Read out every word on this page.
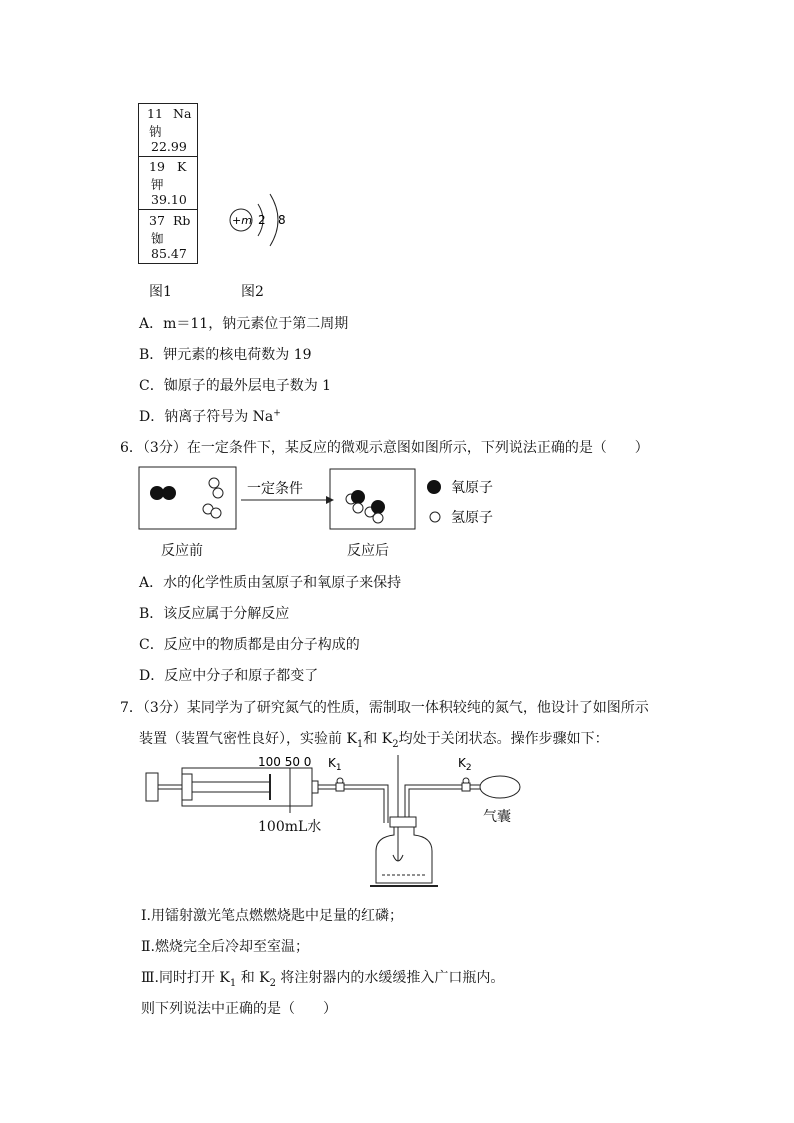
11 Na
钠
22.99
19 K
钾
39.10
37 Rb
铷
85.47
+m 2 8
图1	图2
A．m＝11，钠元素位于第二周期
B．钾元素的核电荷数为 19
C．铷原子的最外层电子数为 1
D．钠离子符号为 Na+
6．（3分）在一定条件下，某反应的微观示意图如图所示，下列说法正确的是（　　）
一定条件	氧原子
氢原子
反应前	反应后
A．水的化学性质由氢原子和氧原子来保持
B．该反应属于分解反应
C．反应中的物质都是由分子构成的
D．反应中分子和原子都变了
7．（3分）某同学为了研究氮气的性质，需制取一体积较纯的氮气，他设计了如图所示
装置（装置气密性良好），实验前 $K_1$和 $K_2$均处于关闭状态。操作步骤如下：
100 50 0 $K_1$	$K_2$
100mL水
气囊
Ⅰ.用镭射激光笔点燃燃烧匙中足量的红磷；
Ⅱ.燃烧完全后冷却至室温；
Ⅲ.同时打开 $K_1$ 和 $K_2$ 将注射器内的水缓缓推入广口瓶内。
则下列说法中正确的是（　　）
